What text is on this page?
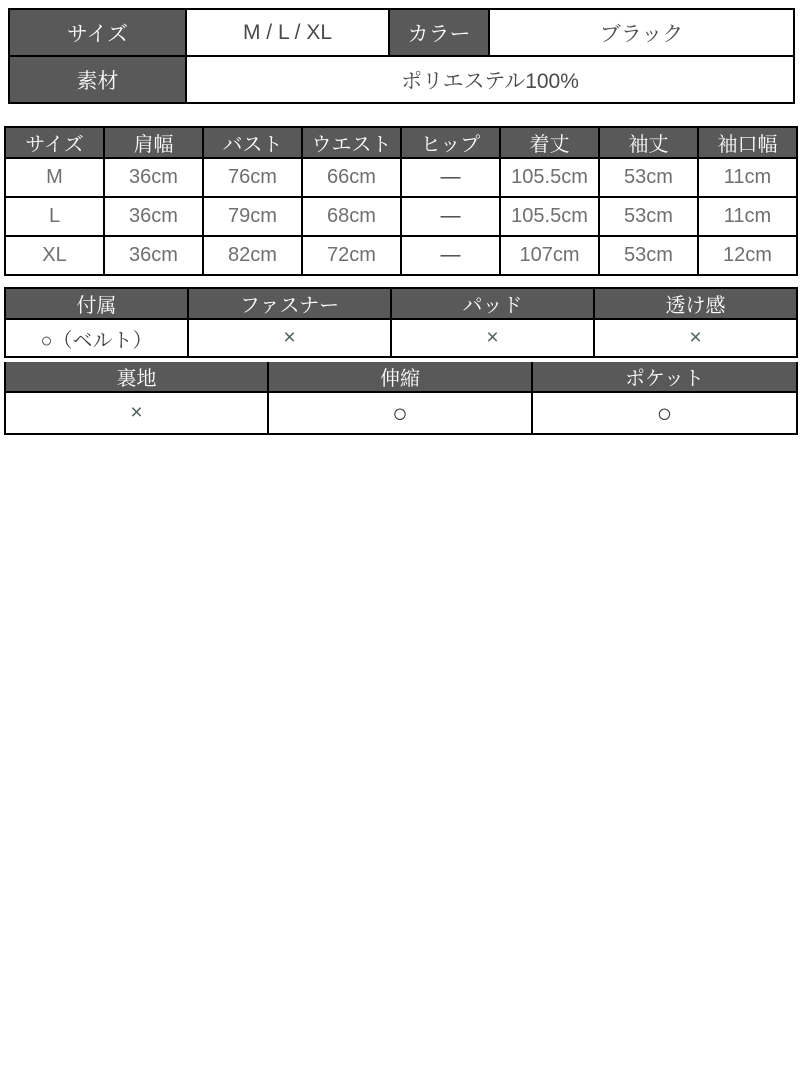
サイズ	M / L / XL	カラー	ブラック
素材	ポリエステル100%		
サイズ	肩幅	バスト	ウエスト	ヒップ	着丈	袖丈	袖口幅
M	36cm	76cm	66cm	―	105.5cm	53cm	11cm
L	36cm	79cm	68cm	―	105.5cm	53cm	11cm
XL	36cm	82cm	72cm	―	107cm	53cm	12cm
付属	ファスナー	パッド	透け感
○（ベルト）	×	×	×
裏地	伸縮	ポケット
×	○	○
